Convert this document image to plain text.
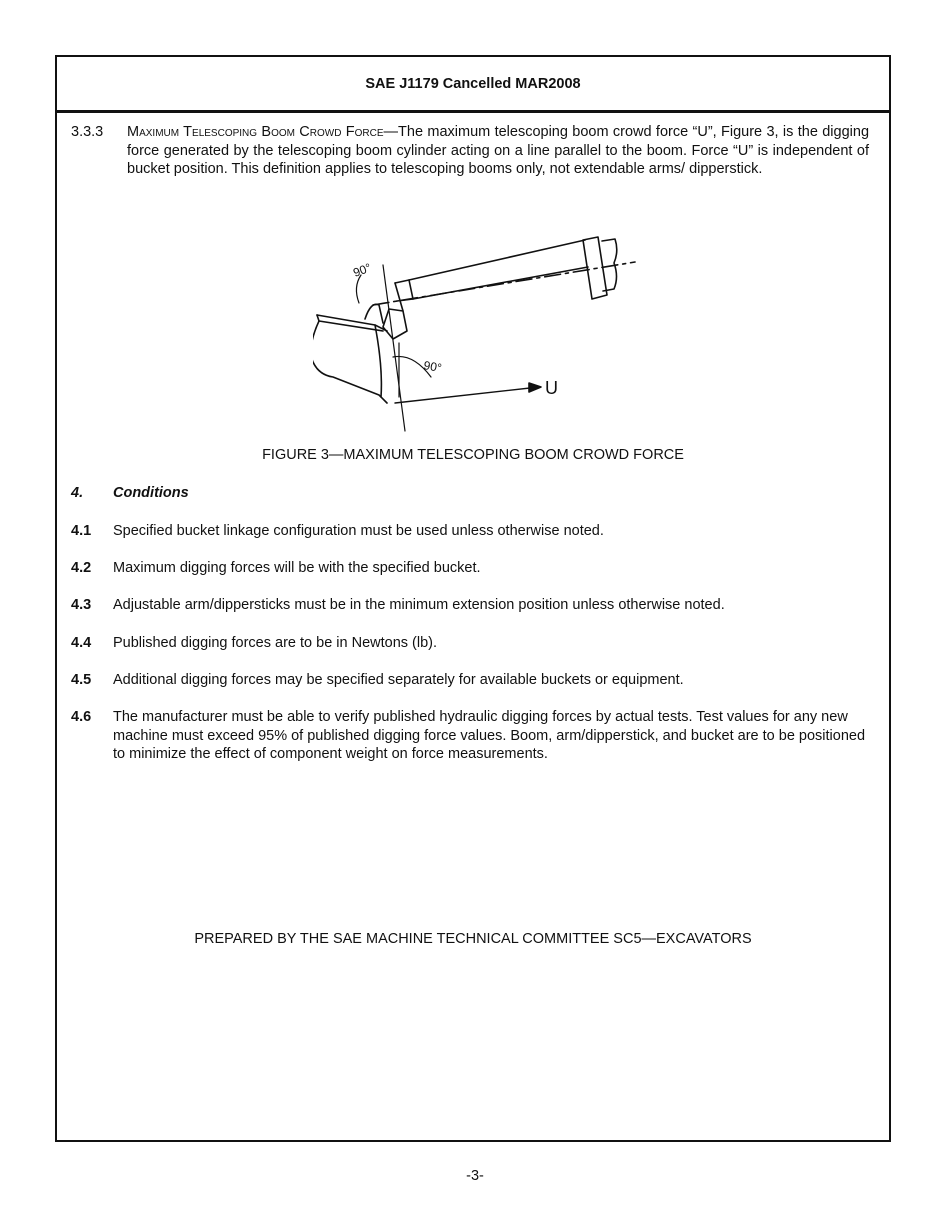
SAE J1179 Cancelled MAR2008
3.3.3 Maximum Telescoping Boom Crowd Force—The maximum telescoping boom crowd force “U”, Figure 3, is the digging force generated by the telescoping boom cylinder acting on a line parallel to the boom. Force “U” is independent of bucket position. This definition applies to telescoping booms only, not extendable arms/ dipperstick.
90°
90°
U
FIGURE 3—MAXIMUM TELESCOPING BOOM CROWD FORCE
4. Conditions
4.1 Specified bucket linkage configuration must be used unless otherwise noted.
4.2 Maximum digging forces will be with the specified bucket.
4.3 Adjustable arm/dippersticks must be in the minimum extension position unless otherwise noted.
4.4 Published digging forces are to be in Newtons (lb).
4.5 Additional digging forces may be specified separately for available buckets or equipment.
4.6 The manufacturer must be able to verify published hydraulic digging forces by actual tests. Test values for any new machine must exceed 95% of published digging force values. Boom, arm/dipperstick, and bucket are to be positioned to minimize the effect of component weight on force measurements.
PREPARED BY THE SAE MACHINE TECHNICAL COMMITTEE SC5—EXCAVATORS
-3-
